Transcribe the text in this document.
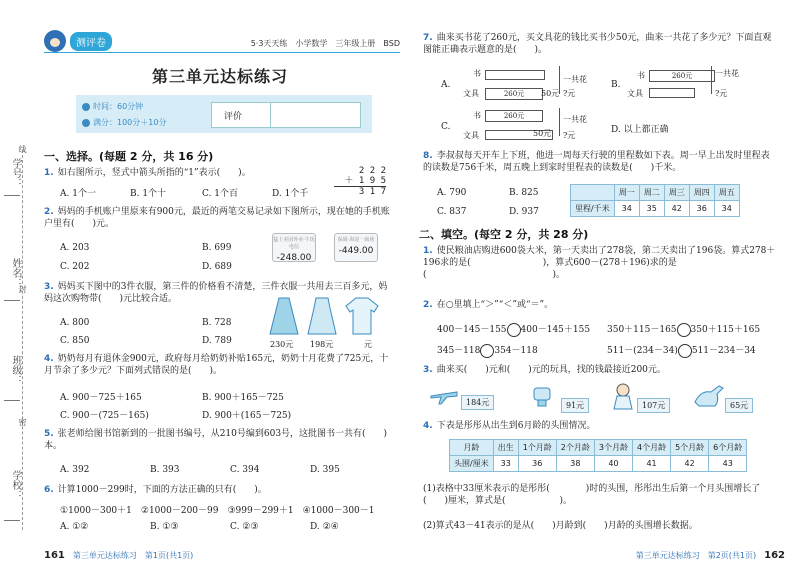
学号：
线
姓名：
封
班级：
密
学校：
测评卷	5·3天天练　小学数学　三年级上册　BSD
第三单元达标练习
时间：60分钟
满分：100分＋10分
评价
一、选择。(每题 2 分，共 16 分)
1. 如右图所示，竖式中箭头所指的“1”表示(　　)。
A. 1个一	B. 1个十	C. 1个百	D. 1个千
2 2 2
＋ 1 9 5
3 1 7
2. 妈妈的手机账户里原来有900元，最近的两笔交易记录如下图所示，现在她的手机账户里有(　　)元。
A. 203	B. 699
C. 202	D. 689
猛士美团外卖·午饭电信
-248.00
保姆·海淀一商场
-449.00
3. 妈妈买下图中的3件衣服，第三件的价格看不清楚，三件衣服一共用去三百多元，妈妈这次购物带(　　)元比较合适。
A. 800	B. 728
C. 850	D. 789	230元 198元	元
4. 奶奶每月有退休金900元，政府每月给奶奶补贴165元，奶奶十月花费了725元，十月节余了多少元？下面列式错误的是(　　)。
A. 900－725＋165	B. 900＋165－725
C. 900－(725－165)	D. 900＋(165－725)
5. 张老师给图书馆新到的一批图书编号，从210号编到603号，这批图书一共有(　　)本。
A. 392	B. 393	C. 394	D. 395
6. 计算1000－299时，下面的方法正确的只有(　　)。
①1000－300＋1　②1000－200－99　③999－299＋1　④1000－300－1
A. ①②	B. ①③	C. ②③	D. ②④
161　 第三单元达标练习　第1页(共1页)
7. 曲来买书花了260元，买文具花的钱比买书少50元，曲来一共花了多少元？下面直观图能正确表示题意的是(　　)。
A.
书
文具	260元	50元
一共花
?元
B.
书	260元
文具
一共花
?元
C.
书	260元
文具	50元
一共花
?元
D. 以上都正确
8. 李叔叔每天开车上下班，他进一周每天行驶的里程数如下表。周一早上出发时里程表的读数是756千米，周五晚上到家时里程表的读数是(　　)千米。
A. 790	B. 825
C. 837	D. 937
	周一	周二	周三	周四	周五
里程/千米	34	35	42	36	34
二、填空。(每空 2 分，共 28 分)
1. 使民粮油店购进600袋大米，第一天卖出了278袋，第二天卖出了196袋。算式278＋196求的是(　　　　　　　　)，算式600－(278＋196)求的是(　　　　　　　　　　　　　　)。
2. 在○里填上“＞”“＜”或“＝”。
400－145－155 400－145＋155 350＋115－165 350＋115＋165
345－118 354－118	511－(234－34) 511－234－34
3. 曲来买(　　)元和(　　)元的玩具，找的钱最接近200元。
184元	91元	107元	65元
4. 下表是彤彤从出生到6月龄的头围情况。
月龄	出生	1个月龄	2个月龄	3个月龄	4个月龄	5个月龄	6个月龄
头围/厘米	33	36	38	40	41	42	43
(1)表格中33厘米表示的是彤彤(　　　　)时的头围，彤彤出生后第一个月头围增长了(　　)厘米，算式是(　　　　　　)。
(2)算式43－41表示的是从(　　)月龄到(　　)月龄的头围增长数据。
第三单元达标练习　第2页(共1页)　 162
